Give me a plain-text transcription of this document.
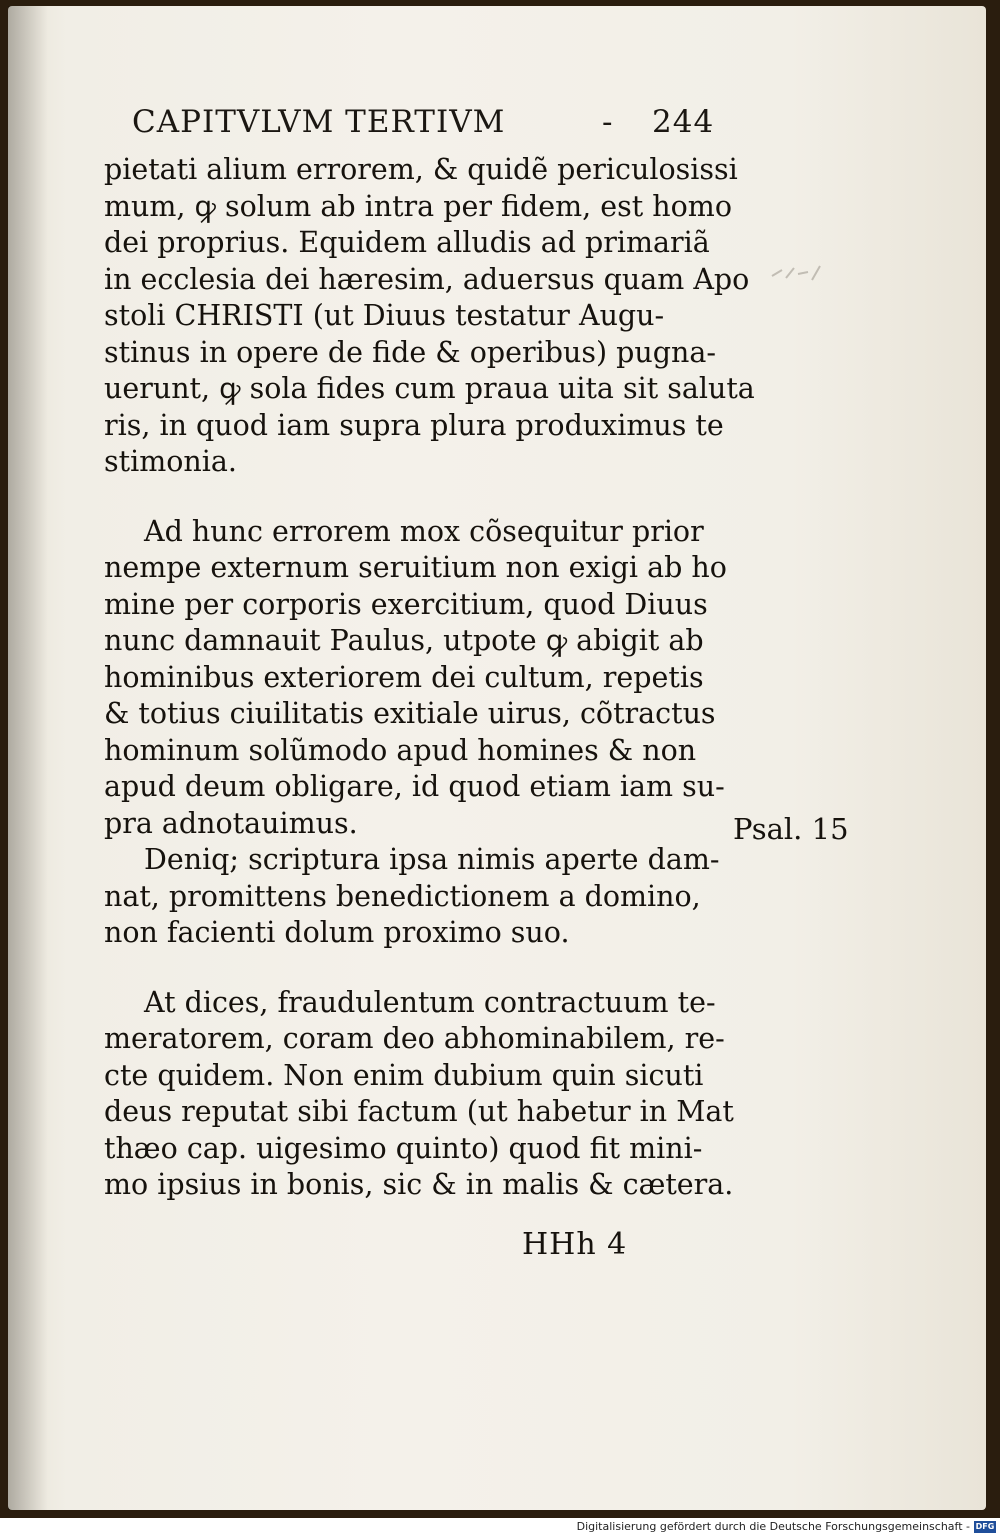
CAPITVLVM TERTIVM	- 244
pietati alium errorem, & quidẽ periculosissi
mum, ꝙ solum ab intra per fidem, est homo
dei proprius. Equidem alludis ad primariã
in ecclesia dei hæresim, aduersus quam Apo
stoli CHRISTI (ut Diuus testatur Augu-
stinus in opere de fide & operibus) pugna-
uerunt, ꝙ sola fides cum praua uita sit saluta
ris, in quod iam supra plura produximus te
stimonia.
Ad hunc errorem mox cõsequitur prior
nempe externum seruitium non exigi ab ho
mine per corporis exercitium, quod Diuus
nunc damnauit Paulus, utpote ꝙ abigit ab
hominibus exteriorem dei cultum, repetis
& totius ciuilitatis exitiale uirus, cõtractus
hominum solũmodo apud homines & non
apud deum obligare, id quod etiam iam su-
pra adnotauimus.
Deniq; scriptura ipsa nimis aperte dam-
nat, promittens benedictionem a domino,
non facienti dolum proximo suo.
At dices, fraudulentum contractuum te-
meratorem, coram deo abhominabilem, re-
cte quidem. Non enim dubium quin sicuti
deus reputat sibi factum (ut habetur in Mat
thæo cap. uigesimo quinto) quod fit mini-
mo ipsius in bonis, sic & in malis & cætera.
Psal. 15
HHh 4
Digitalisierung gefördert durch die Deutsche Forschungsgemeinschaft - DFG
